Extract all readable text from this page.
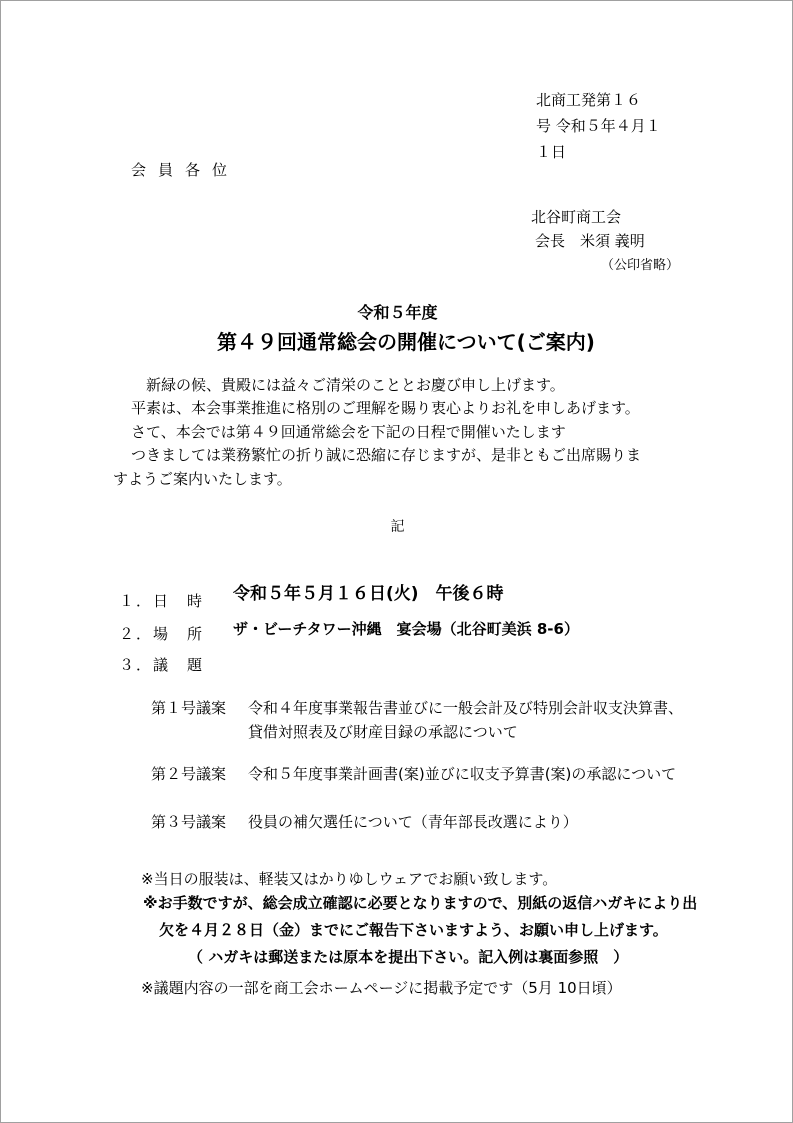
北商工発第１６
号 令和５年４月１
１日
会員各位
北谷町商工会
会長　米須 義明
（公印省略）
令和５年度
第４９回通常総会の開催について(ご案内)
　新緑の候、貴殿には益々ご清栄のこととお慶び申し上げます。
平素は、本会事業推進に格別のご理解を賜り衷心よりお礼を申しあげます。
さて、本会では第４９回通常総会を下記の日程で開催いたします
つきましては業務繁忙の折り誠に恐縮に存じますが、是非ともご出席賜りま
すようご案内いたします。
記
１．日　時 令和５年５月１６日(火)　午後６時
２．場　所 ザ・ビーチタワー沖縄　宴会場（北谷町美浜 8-6）
３．議　題
第１号議案 令和４年度事業報告書並びに一般会計及び特別会計収支決算書、
貸借対照表及び財産目録の承認について
第２号議案 令和５年度事業計画書(案)並びに収支予算書(案)の承認について
第３号議案 役員の補欠選任について（青年部長改選により）
※当日の服装は、軽装又はかりゆしウェアでお願い致します。
※お手数ですが、総会成立確認に必要となりますので、別紙の返信ハガキにより出
欠を４月２８日（金）までにご報告下さいますよう、お願い申し上げます。
（ ハガキは郵送または原本を提出下さい。記入例は裏面参照　）
※議題内容の一部を商工会ホームページに掲載予定です（5月 10日頃）
